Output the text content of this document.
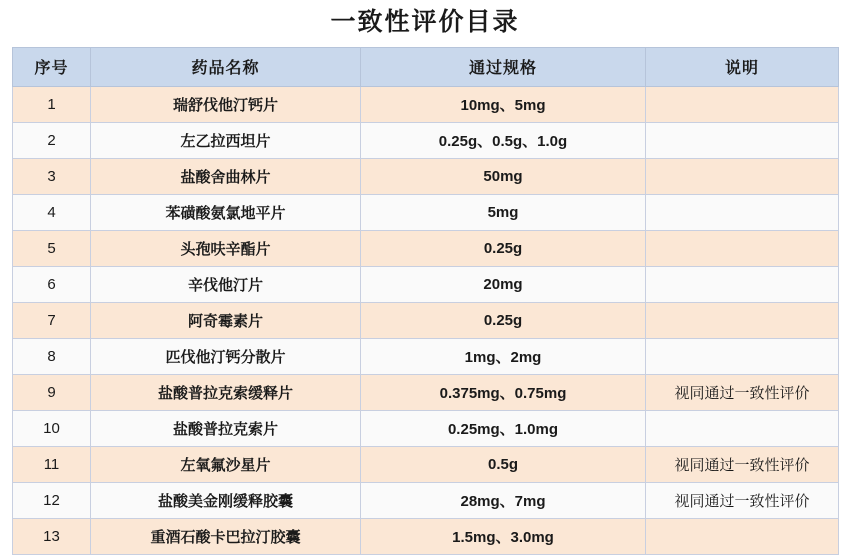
一致性评价目录
序号	药品名称	通过规格	说明
1	瑞舒伐他汀钙片	10mg、5mg	
2	左乙拉西坦片	0.25g、0.5g、1.0g	
3	盐酸舍曲林片	50mg	
4	苯磺酸氨氯地平片	5mg	
5	头孢呋辛酯片	0.25g	
6	辛伐他汀片	20mg	
7	阿奇霉素片	0.25g	
8	匹伐他汀钙分散片	1mg、2mg	
9	盐酸普拉克索缓释片	0.375mg、0.75mg	视同通过一致性评价
10	盐酸普拉克索片	0.25mg、1.0mg	
11	左氧氟沙星片	0.5g	视同通过一致性评价
12	盐酸美金刚缓释胶囊	28mg、7mg	视同通过一致性评价
13	重酒石酸卡巴拉汀胶囊	1.5mg、3.0mg	
